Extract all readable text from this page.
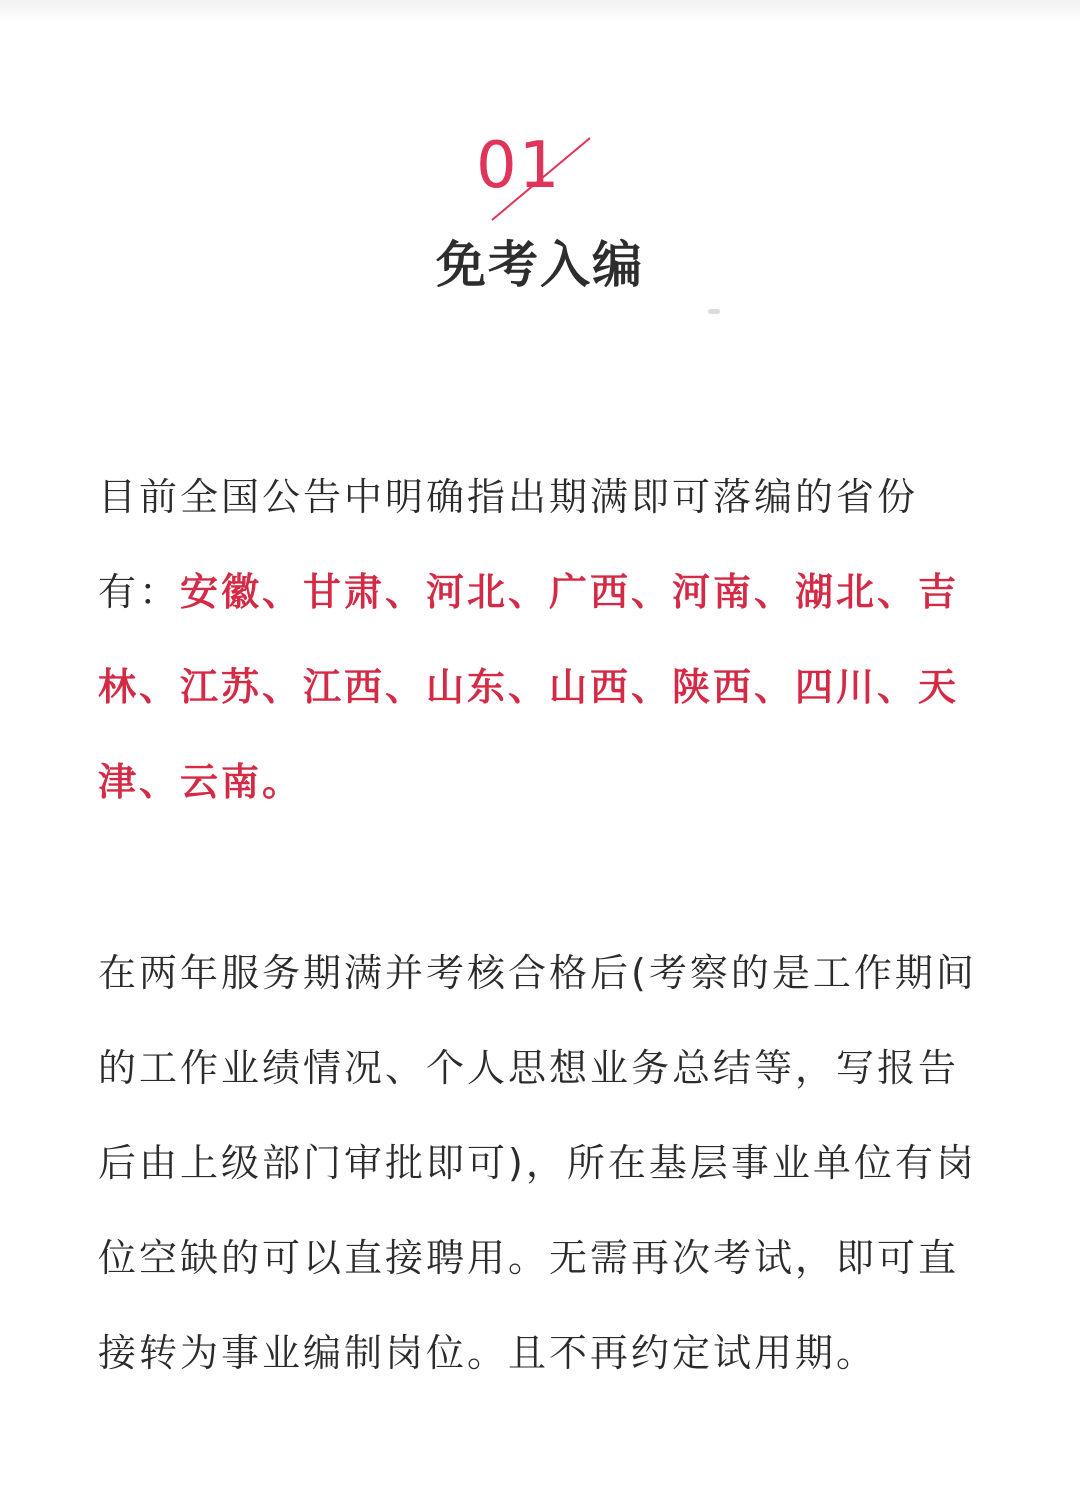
01
免考入编

目前全国公告中明确指出期满即可落编的省份有：安徽、甘肃、河北、广西、河南、湖北、吉林、江苏、江西、山东、山西、陕西、四川、天津、云南。

在两年服务期满并考核合格后(考察的是工作期间的工作业绩情况、个人思想业务总结等，写报告后由上级部门审批即可)，所在基层事业单位有岗位空缺的可以直接聘用。无需再次考试，即可直接转为事业编制岗位。且不再约定试用期。
